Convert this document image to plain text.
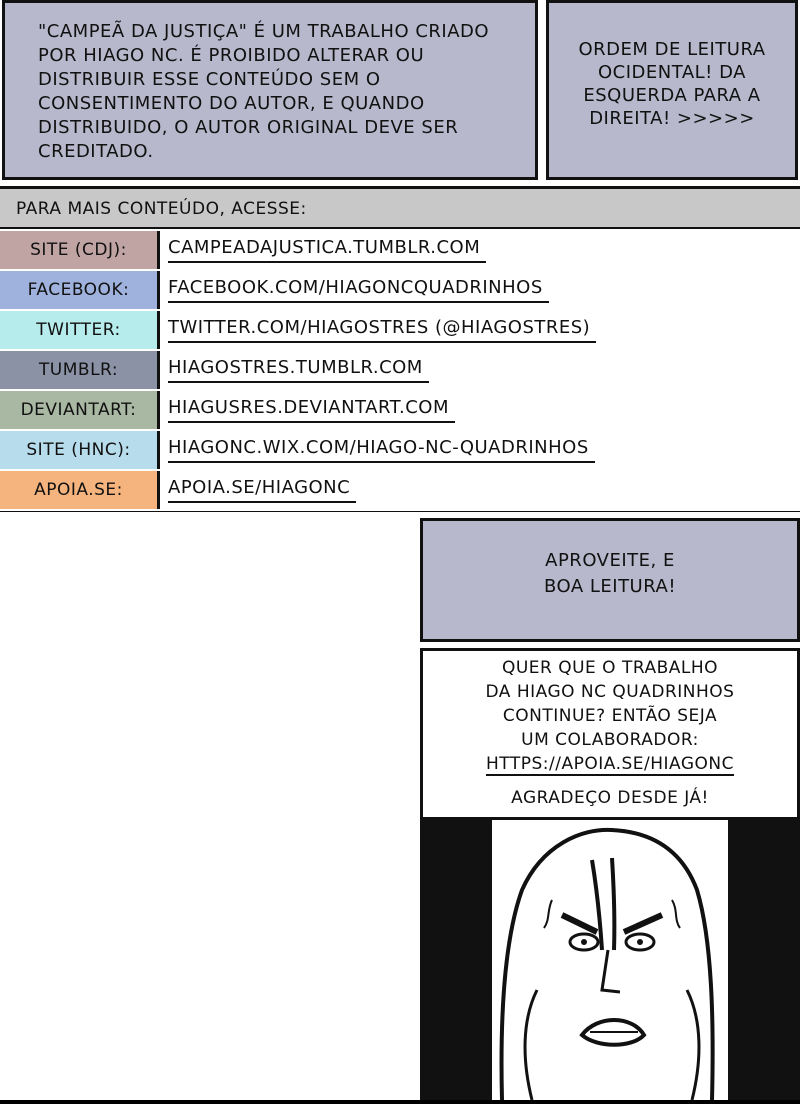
"CAMPEÃ DA JUSTIÇA" É UM TRABALHO CRIADO POR HIAGO NC. É PROIBIDO ALTERAR OU DISTRIBUIR ESSE CONTEÚDO SEM O CONSENTIMENTO DO AUTOR, E QUANDO DISTRIBUIDO, O AUTOR ORIGINAL DEVE SER CREDITADO.
ORDEM DE LEITURA OCIDENTAL! DA ESQUERDA PARA A DIREITA! >>>>>
PARA MAIS CONTEÚDO, ACESSE:
SITE (CDJ):	CAMPEADAJUSTICA.TUMBLR.COM
FACEBOOK:	FACEBOOK.COM/HIAGONCQUADRINHOS
TWITTER:	TWITTER.COM/HIAGOSTRES (@HIAGOSTRES)
TUMBLR:	HIAGOSTRES.TUMBLR.COM
DEVIANTART:	HIAGUSRES.DEVIANTART.COM
SITE (HNC):	HIAGONC.WIX.COM/HIAGO-NC-QUADRINHOS
APOIA.SE:	APOIA.SE/HIAGONC
APROVEITE, E
BOA LEITURA!
QUER QUE O TRABALHO
DA HIAGO NC QUADRINHOS
CONTINUE? ENTÃO SEJA
UM COLABORADOR:
HTTPS://APOIA.SE/HIAGONC
AGRADEÇO DESDE JÁ!
